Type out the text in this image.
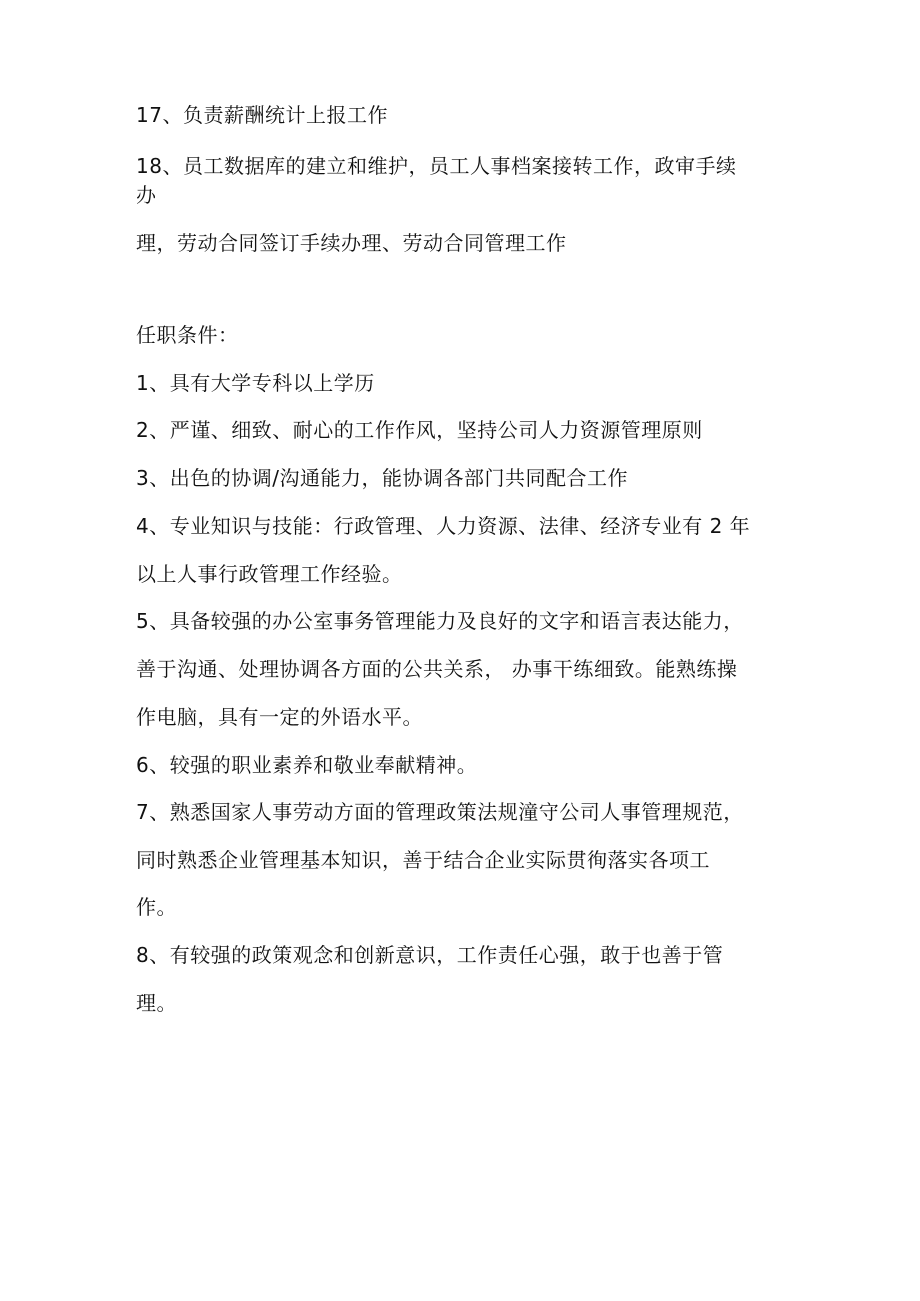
17、负责薪酬统计上报工作
18、员工数据库的建立和维护，员工人事档案接转工作，政审手续
办
理，劳动合同签订手续办理、劳动合同管理工作
任职条件：
1、具有大学专科以上学历
2、严谨、细致、耐心的工作作风，坚持公司人力资源管理原则
3、出色的协调/沟通能力，能协调各部门共同配合工作
4、专业知识与技能：行政管理、人力资源、法律、经济专业有 2 年
以上人事行政管理工作经验。
5、具备较强的办公室事务管理能力及良好的文字和语言表达能力，
善于沟通、处理协调各方面的公共关系， 办事干练细致。能熟练操
作电脑，具有一定的外语水平。
6、较强的职业素养和敬业奉献精神。
7、熟悉国家人事劳动方面的管理政策法规潼守公司人事管理规范，
同时熟悉企业管理基本知识，善于结合企业实际贯徇落实各项工
作。
8、有较强的政策观念和创新意识，工作责任心强，敢于也善于管
理。
